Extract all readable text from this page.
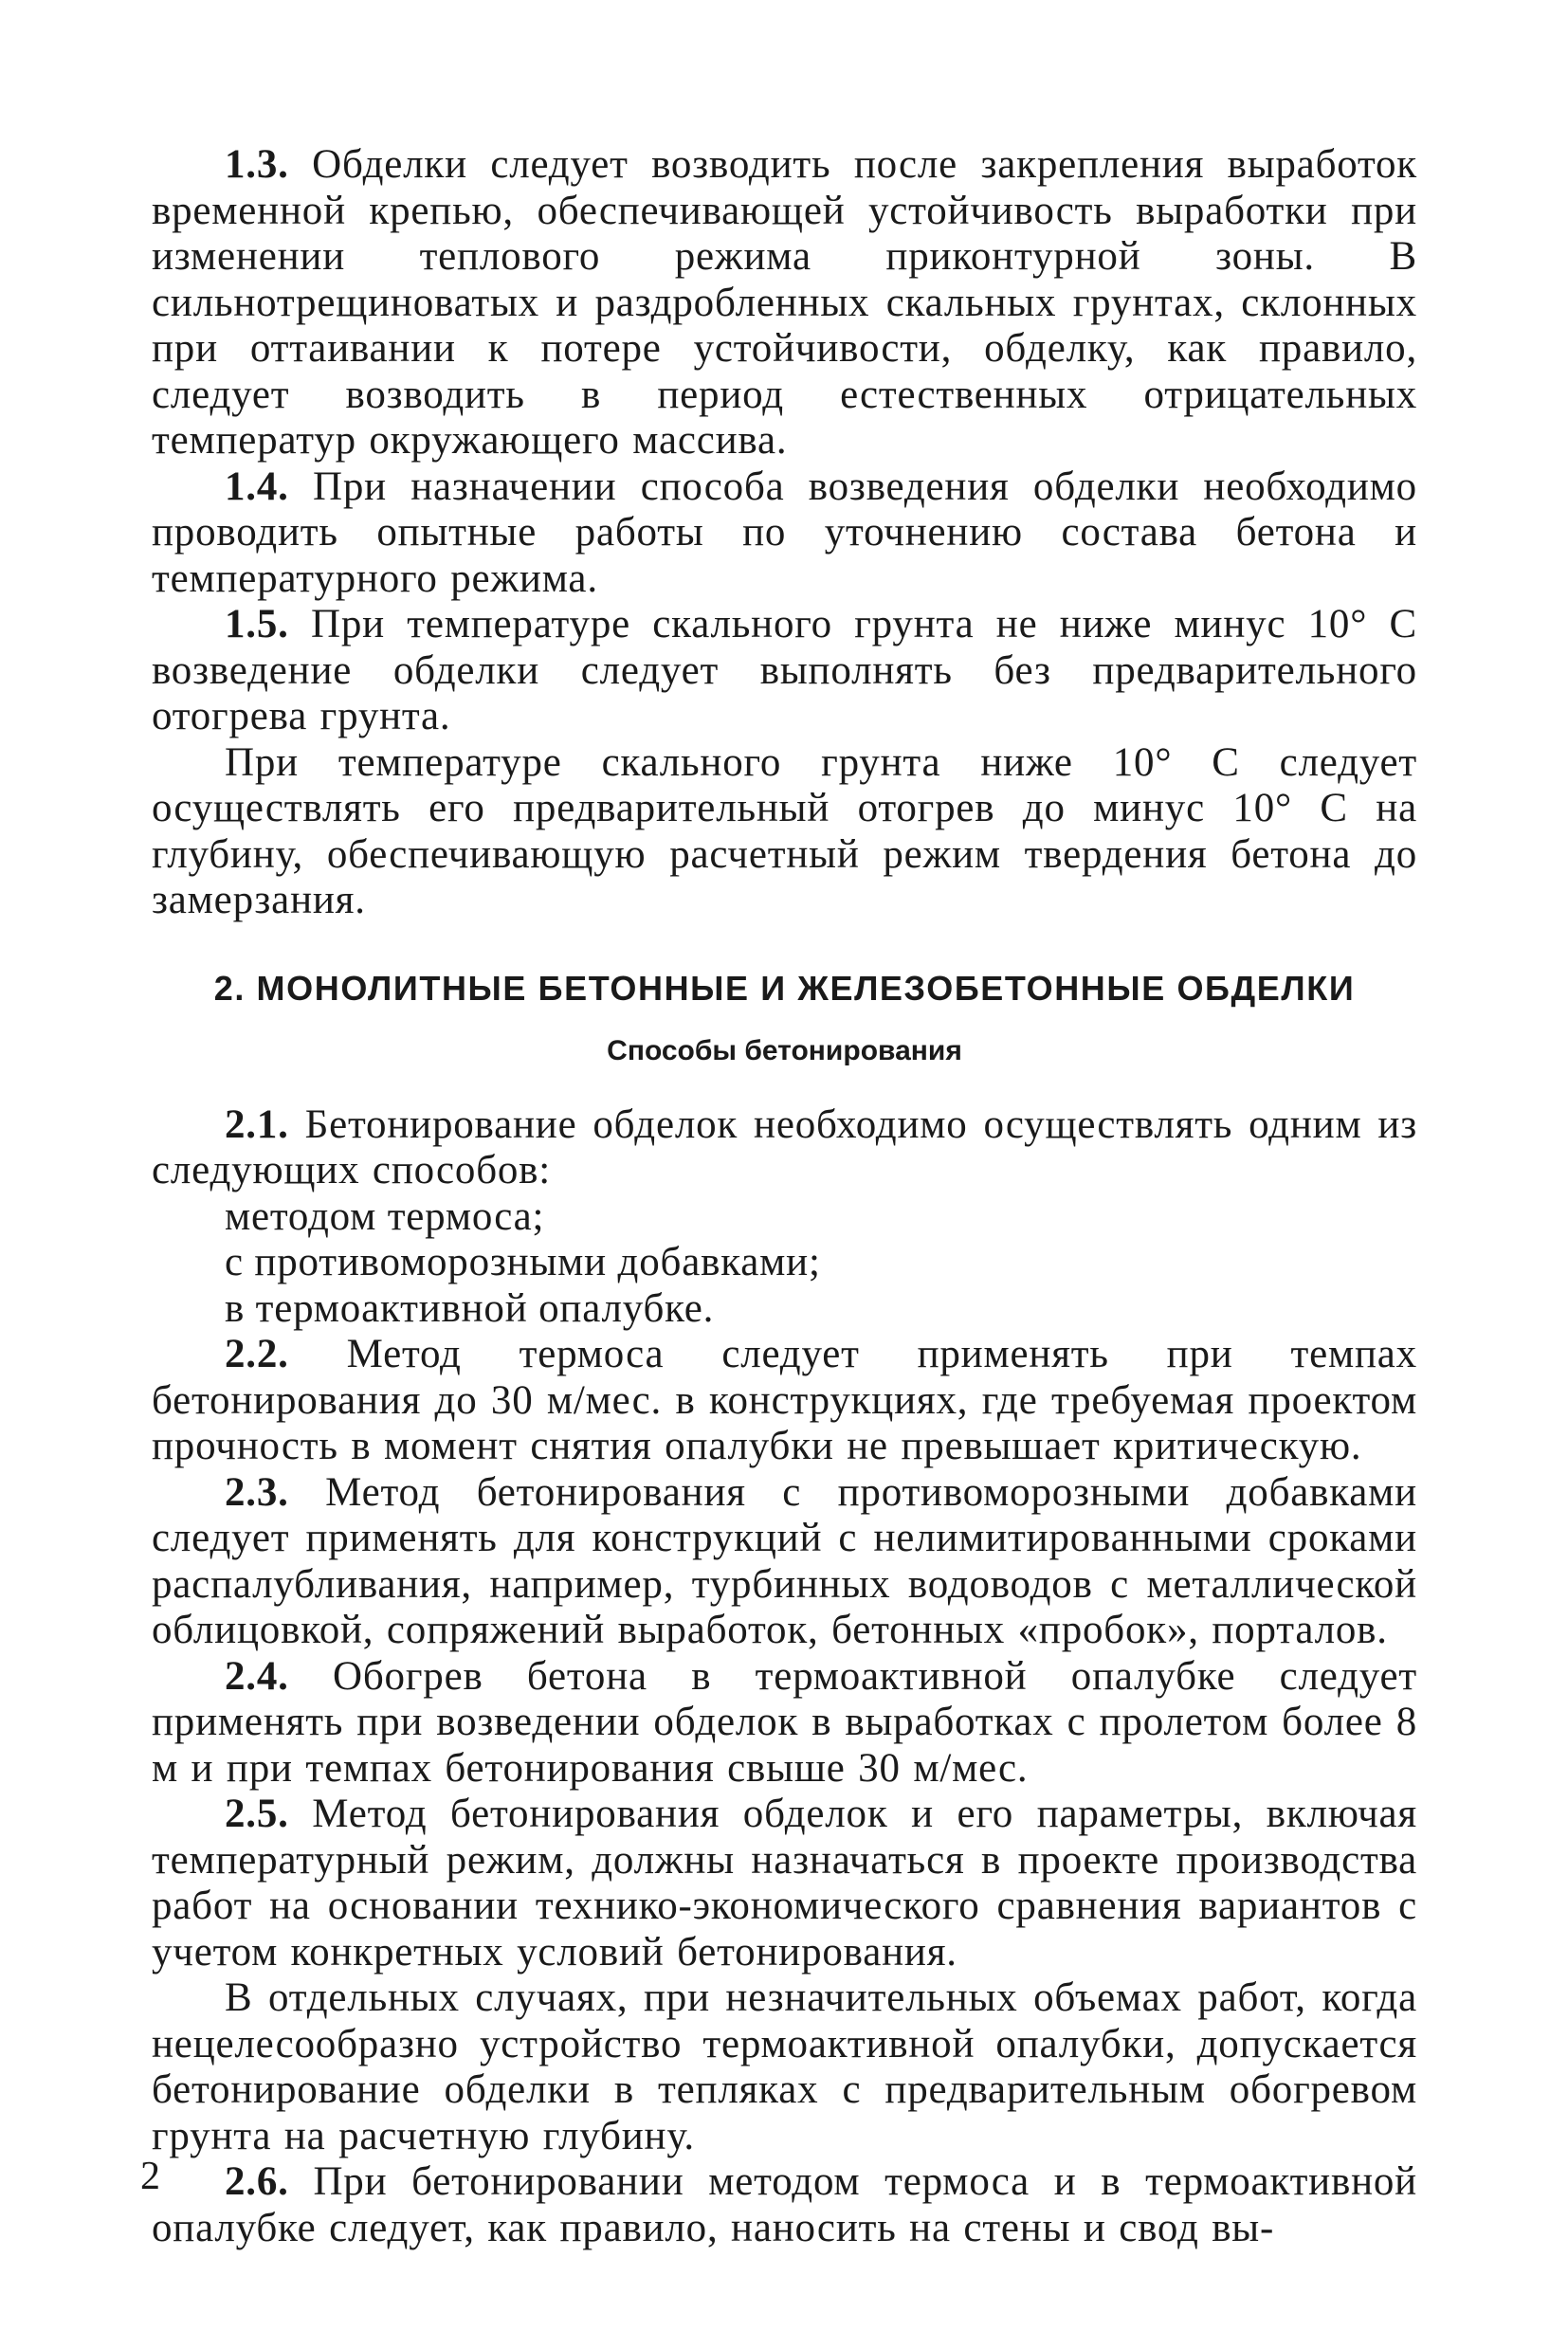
1.3. Обделки следует возводить после закрепления выработок временной крепью, обеспечивающей устойчивость выработки при изменении теплового режима приконтурной зоны. В сильнотрещиноватых и раздробленных скальных грунтах, склонных при оттаивании к потере устойчивости, обделку, как правило, следует возводить в период естественных отрицательных температур окружающего массива.

1.4. При назначении способа возведения обделки необходимо проводить опытные работы по уточнению состава бетона и температурного режима.

1.5. При температуре скального грунта не ниже минус 10° С возведение обделки следует выполнять без предварительного отогрева грунта.

При температуре скального грунта ниже 10° С следует осуществлять его предварительный отогрев до минус 10° С на глубину, обеспечивающую расчетный режим твердения бетона до замерзания.

2. МОНОЛИТНЫЕ БЕТОННЫЕ И ЖЕЛЕЗОБЕТОННЫЕ ОБДЕЛКИ
Способы бетонирования

2.1. Бетонирование обделок необходимо осуществлять одним из следующих способов:

методом термоса;

с противоморозными добавками;

в термоактивной опалубке.

2.2. Метод термоса следует применять при темпах бетонирования до 30 м/мес. в конструкциях, где требуемая проектом прочность в момент снятия опалубки не превышает критическую.

2.3. Метод бетонирования с противоморозными добавками следует применять для конструкций с нелимитированными сроками распалубливания, например, турбинных водоводов с металлической облицовкой, сопряжений выработок, бетонных «пробок», порталов.

2.4. Обогрев бетона в термоактивной опалубке следует применять при возведении обделок в выработках с пролетом более 8 м и при темпах бетонирования свыше 30 м/мес.

2.5. Метод бетонирования обделок и его параметры, включая температурный режим, должны назначаться в проекте производства работ на основании технико-экономического сравнения вариантов с учетом конкретных условий бетонирования.

В отдельных случаях, при незначительных объемах работ, когда нецелесообразно устройство термоактивной опалубки, допускается бетонирование обделки в тепляках с предварительным обогревом грунта на расчетную глубину.

2.6. При бетонировании методом термоса и в термоактивной опалубке следует, как правило, наносить на стены и свод вы-

2
